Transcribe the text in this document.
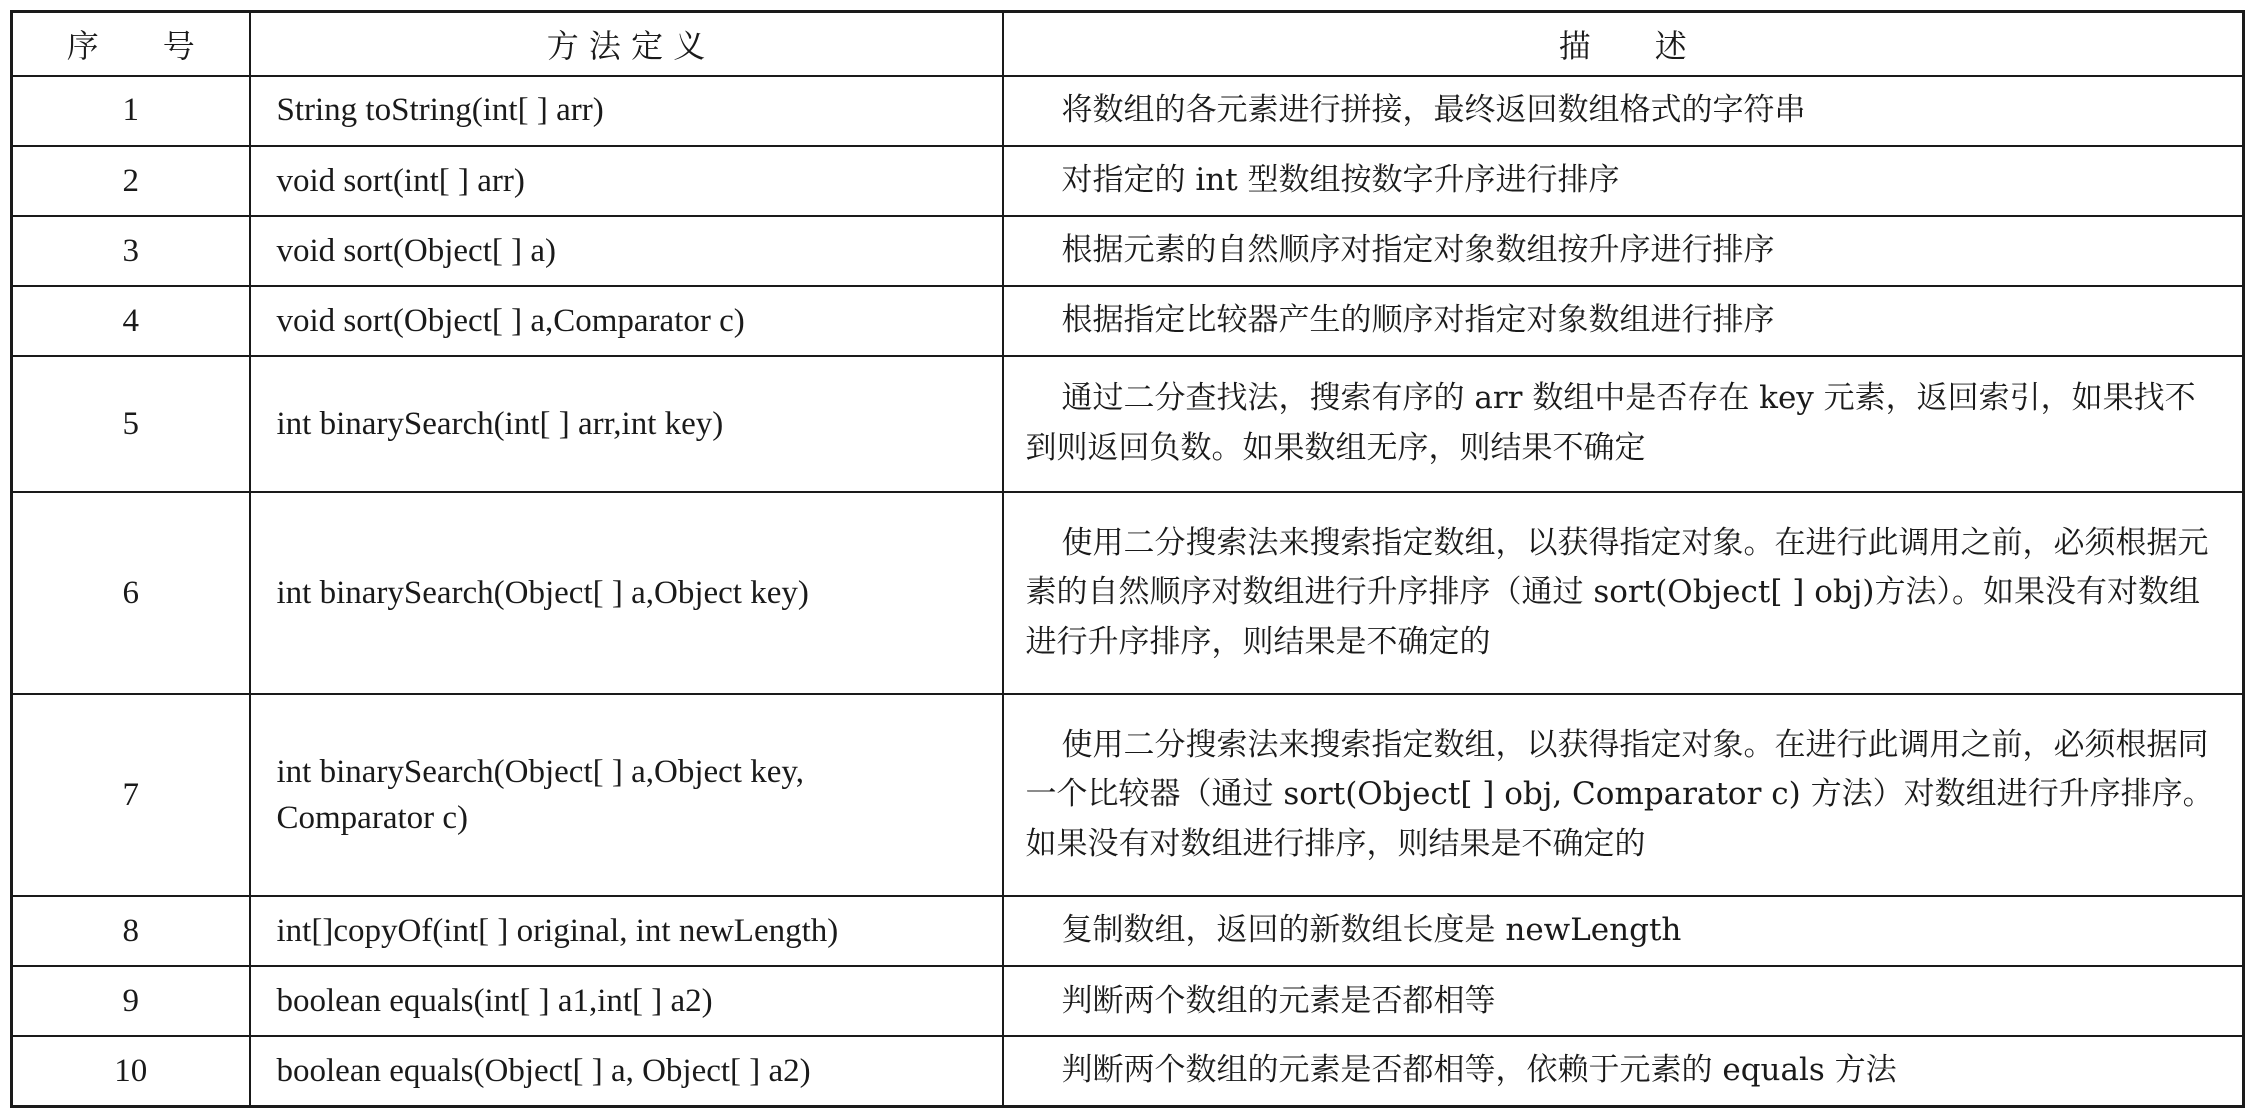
序　　号	方 法 定 义	描　　述
1	String toString(int[ ] arr)	将数组的各元素进行拼接，最终返回数组格式的字符串

2	void sort(int[ ] arr)	对指定的 int 型数组按数字升序进行排序

3	void sort(Object[ ] a)	根据元素的自然顺序对指定对象数组按升序进行排序

4	void sort(Object[ ] a,Comparator c)	根据指定比较器产生的顺序对指定对象数组进行排序

5	int binarySearch(int[ ] arr,int key)	通过二分查找法，搜索有序的 arr 数组中是否存在 key 元素，返回索引，如果找不到则返回负数。如果数组无序，则结果不确定

6	int binarySearch(Object[ ] a,Object key)	使用二分搜索法来搜索指定数组，以获得指定对象。在进行此调用之前，必须根据元素的自然顺序对数组进行升序排序（通过 sort(Object[ ] obj)方法）。如果没有对数组进行升序排序，则结果是不确定的

7	int binarySearch(Object[ ] a,Object key,
Comparator c)	使用二分搜索法来搜索指定数组，以获得指定对象。在进行此调用之前，必须根据同一个比较器（通过 sort(Object[ ] obj, Comparator c) 方法）对数组进行升序排序。如果没有对数组进行排序，则结果是不确定的

8	int[]copyOf(int[ ] original, int newLength)	复制数组，返回的新数组长度是 newLength

9	boolean equals(int[ ] a1,int[ ] a2)	判断两个数组的元素是否都相等

10	boolean equals(Object[ ] a, Object[ ] a2)	判断两个数组的元素是否都相等，依赖于元素的 equals 方法
